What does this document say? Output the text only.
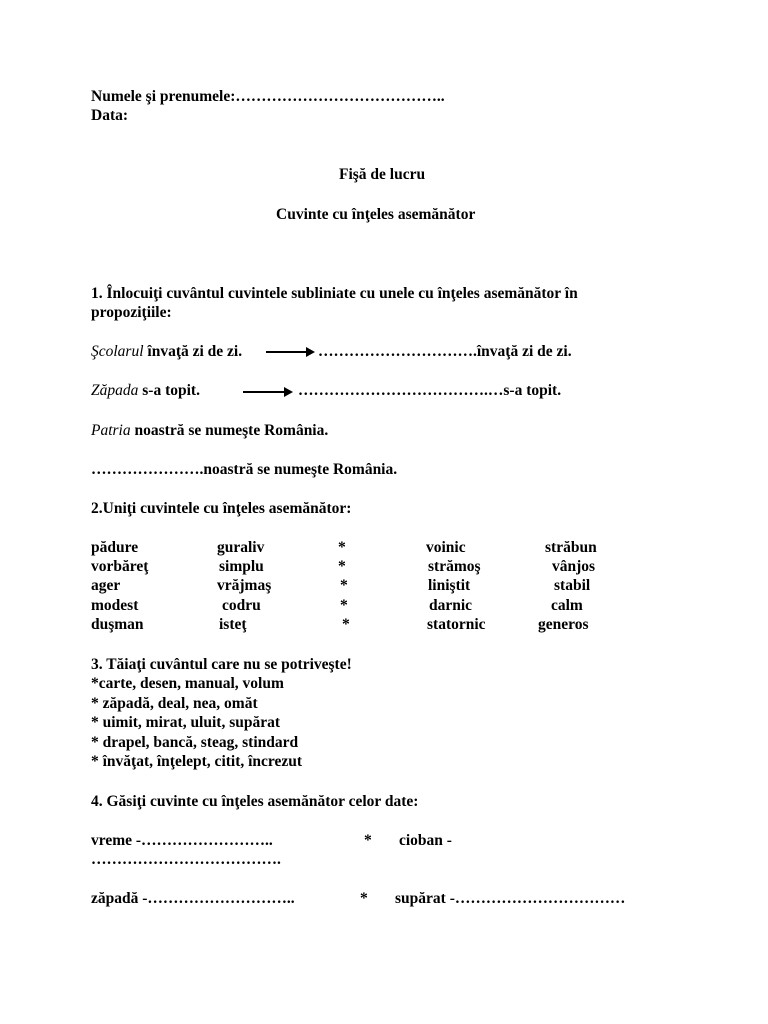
Numele şi prenumele:…………………………………..
Data:
Fişă de lucru
Cuvinte cu înţeles asemănător
1. Înlocuiţi cuvântul cuvintele subliniate cu unele cu înţeles asemănător în
propoziţiile:
Şcolarul învaţă zi de zi.	………………………….învaţă zi de zi.
Zăpada s-a topit.	……………………………….…s-a topit.
Patria noastră se numeşte România.
………………….noastră se numeşte România.
2.Uniţi cuvintele cu înţeles asemănător:
pădure	guraliv	*	voinic	străbun
vorbăreţ	simplu	*	strămoş	vânjos
ager	vrăjmaş	*	liniştit	stabil
modest	codru	*	darnic	calm
duşman	isteţ	*	statornic	generos
3. Tăiaţi cuvântul care nu se potriveşte!
*carte, desen, manual, volum
* zăpadă, deal, nea, omăt
* uimit, mirat, uluit, supărat
* drapel, bancă, steag, stindard
* învăţat, înţelept, citit, încrezut
4. Găsiţi cuvinte cu înţeles asemănător celor date:
vreme -……………………..	* cioban -
……………………………….
zăpadă -………………………..	* supărat -……………………………
